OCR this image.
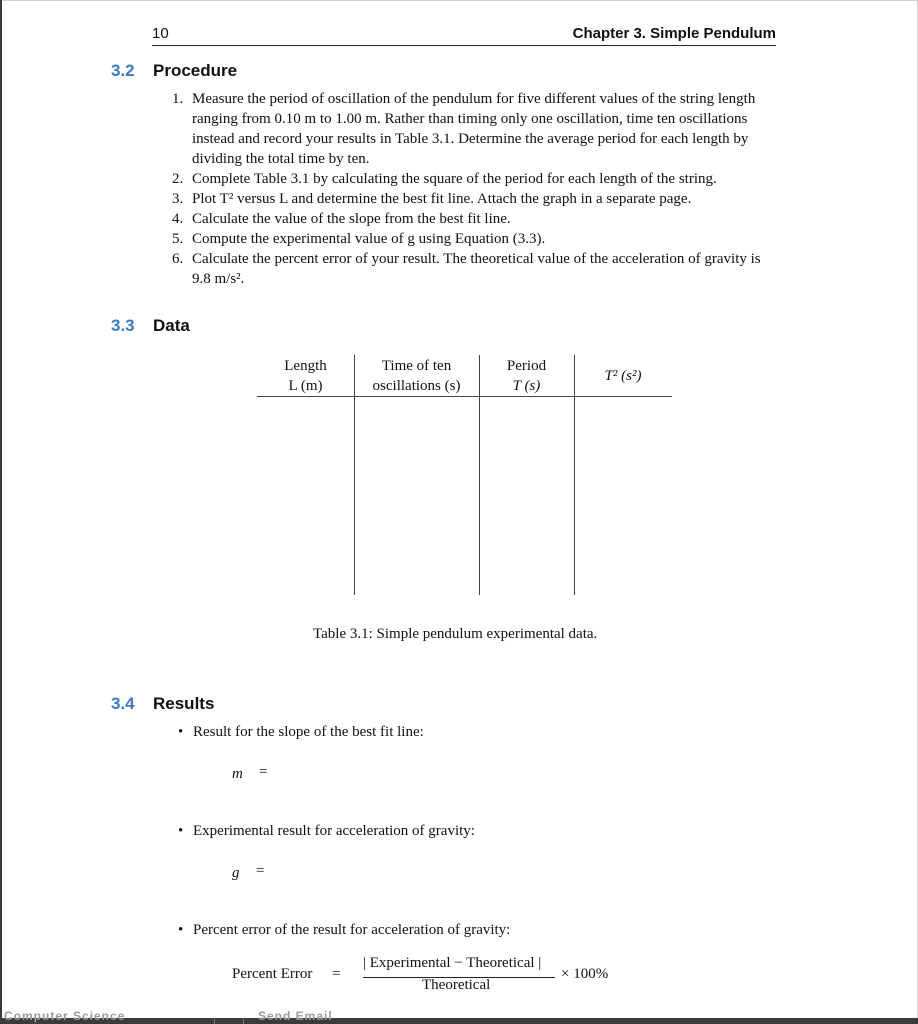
10	Chapter 3. Simple Pendulum
3.2 Procedure
1. Measure the period of oscillation of the pendulum for five different values of the string length ranging from 0.10 m to 1.00 m. Rather than timing only one oscillation, time ten oscillations instead and record your results in Table 3.1. Determine the average period for each length by dividing the total time by ten.
2. Complete Table 3.1 by calculating the square of the period for each length of the string.
3. Plot T² versus L and determine the best fit line. Attach the graph in a separate page.
4. Calculate the value of the slope from the best fit line.
5. Compute the experimental value of g using Equation (3.3).
6. Calculate the percent error of your result. The theoretical value of the acceleration of gravity is 9.8 m/s².
3.3 Data
Length
L (m)
Time of ten
oscillations (s)
Period
T (s)
T² (s²)
Table 3.1: Simple pendulum experimental data.
3.4 Results
• Result for the slope of the best fit line:
m =
• Experimental result for acceleration of gravity:
g =
• Percent error of the result for acceleration of gravity:
Percent Error =
| Experimental − Theoretical |
Theoretical
× 100%
Computer Science	Send Email
